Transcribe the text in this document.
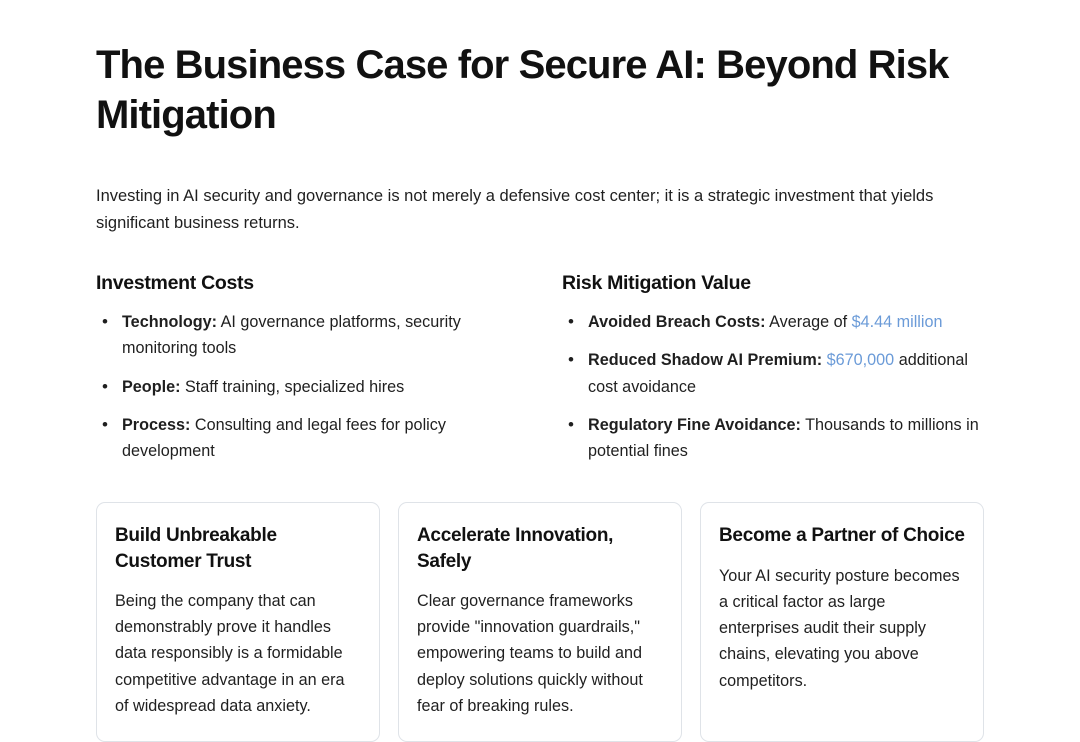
The Business Case for Secure AI: Beyond Risk Mitigation

Investing in AI security and governance is not merely a defensive cost center; it is a strategic investment that yields significant business returns.

Investment Costs
• Technology: AI governance platforms, security monitoring tools
• People: Staff training, specialized hires
• Process: Consulting and legal fees for policy development
Risk Mitigation Value
• Avoided Breach Costs: Average of $4.44 million
• Reduced Shadow AI Premium: $670,000 additional cost avoidance
• Regulatory Fine Avoidance: Thousands to millions in potential fines
Build Unbreakable Customer Trust

Being the company that can demonstrably prove it handles data responsibly is a formidable competitive advantage in an era of widespread data anxiety.

Accelerate Innovation, Safely

Clear governance frameworks provide "innovation guardrails," empowering teams to build and deploy solutions quickly without fear of breaking rules.

Become a Partner of Choice

Your AI security posture becomes a critical factor as large enterprises audit their supply chains, elevating you above competitors.
